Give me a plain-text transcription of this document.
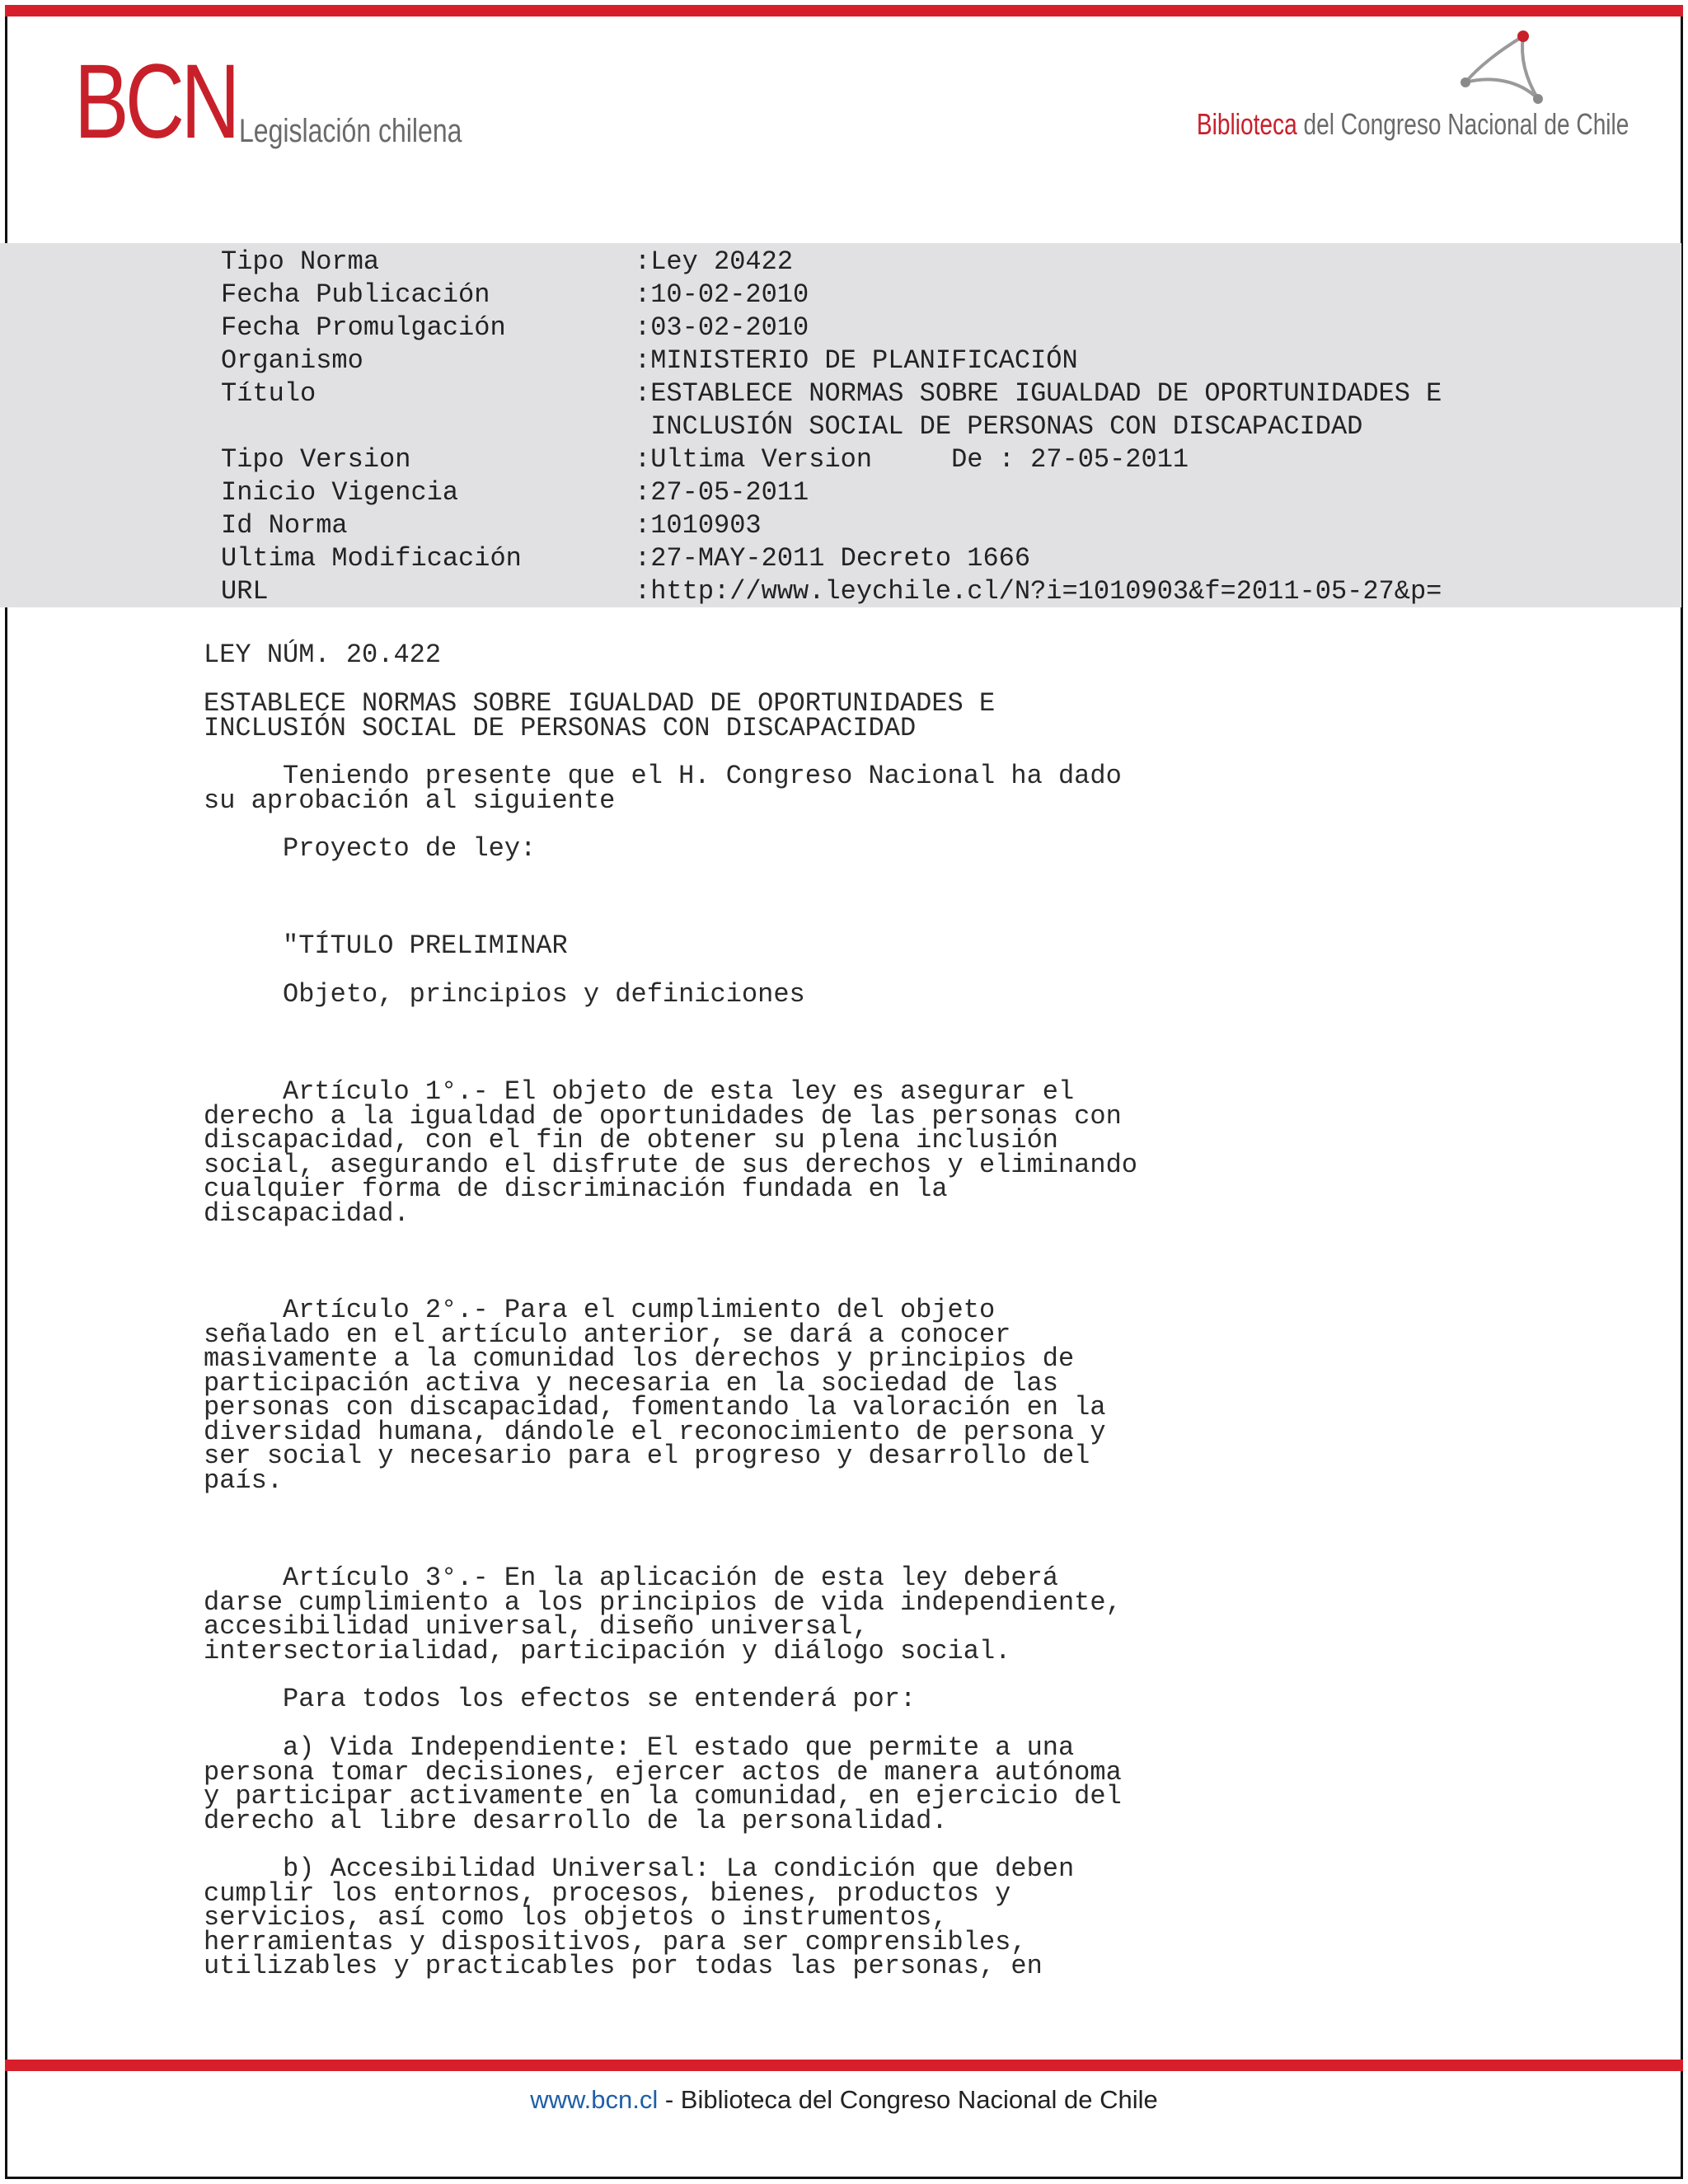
BCN Legislación chilena	Biblioteca del Congreso Nacional de Chile
Tipo Norma	:Ley 20422
Fecha Publicación	:10-02-2010
Fecha Promulgación	:03-02-2010
Organismo	:MINISTERIO DE PLANIFICACIÓN
Título	:ESTABLECE NORMAS SOBRE IGUALDAD DE OPORTUNIDADES E
INCLUSIÓN SOCIAL DE PERSONAS CON DISCAPACIDAD
Tipo Version	:Ultima Version     De : 27-05-2011
Inicio Vigencia	:27-05-2011
Id Norma	:1010903
Ultima Modificación	:27-MAY-2011 Decreto 1666
URL	:http://www.leychile.cl/N?i=1010903&f=2011-05-27&p=
LEY NÚM. 20.422
ESTABLECE NORMAS SOBRE IGUALDAD DE OPORTUNIDADES E
INCLUSIÓN SOCIAL DE PERSONAS CON DISCAPACIDAD
Teniendo presente que el H. Congreso Nacional ha dado
su aprobación al siguiente
Proyecto de ley:
"TÍTULO PRELIMINAR
Objeto, principios y definiciones
Artículo 1°.- El objeto de esta ley es asegurar el
derecho a la igualdad de oportunidades de las personas con
discapacidad, con el fin de obtener su plena inclusión
social, asegurando el disfrute de sus derechos y eliminando
cualquier forma de discriminación fundada en la
discapacidad.
Artículo 2°.- Para el cumplimiento del objeto
señalado en el artículo anterior, se dará a conocer
masivamente a la comunidad los derechos y principios de
participación activa y necesaria en la sociedad de las
personas con discapacidad, fomentando la valoración en la
diversidad humana, dándole el reconocimiento de persona y
ser social y necesario para el progreso y desarrollo del
país.
Artículo 3°.- En la aplicación de esta ley deberá
darse cumplimiento a los principios de vida independiente,
accesibilidad universal, diseño universal,
intersectorialidad, participación y diálogo social.
Para todos los efectos se entenderá por:
a) Vida Independiente: El estado que permite a una
persona tomar decisiones, ejercer actos de manera autónoma
y participar activamente en la comunidad, en ejercicio del
derecho al libre desarrollo de la personalidad.
b) Accesibilidad Universal: La condición que deben
cumplir los entornos, procesos, bienes, productos y
servicios, así como los objetos o instrumentos,
herramientas y dispositivos, para ser comprensibles,
utilizables y practicables por todas las personas, en
www.bcn.cl - Biblioteca del Congreso Nacional de Chile
